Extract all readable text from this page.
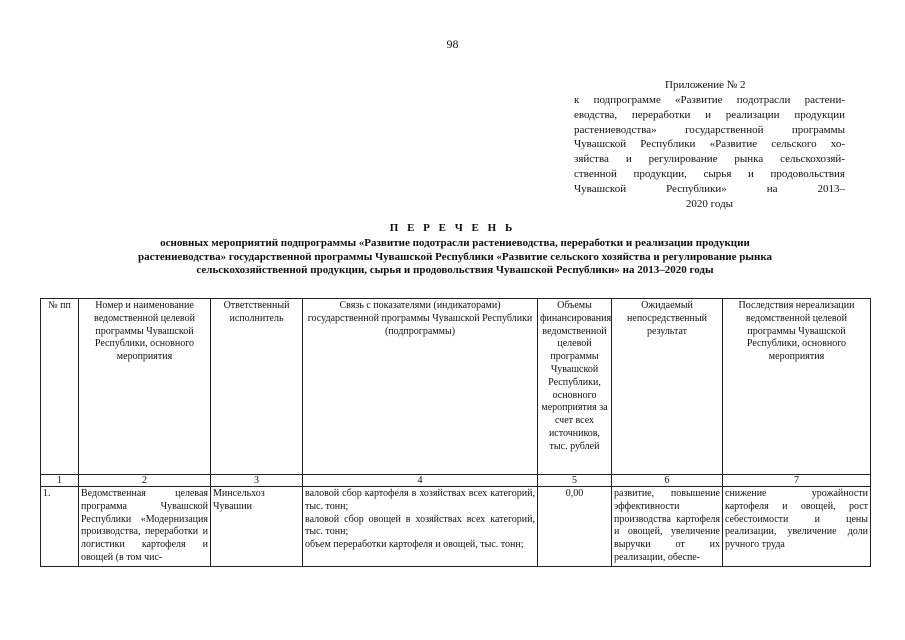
98
Приложение № 2
к подпрограмме «Развитие подотрасли растени-
еводства, переработки и реализации продукции
растениеводства» государственной программы
Чувашской Республики «Развитие сельского хо-
зяйства и регулирование рынка сельскохозяй-
ственной продукции, сырья и продовольствия
Чувашской Республики» на 2013–
2020 годы
П Е Р Е Ч Е Н Ь
основных мероприятий подпрограммы «Развитие подотрасли растениеводства, переработки и реализации продукции
растениеводства» государственной программы Чувашской Республики «Развитие сельского хозяйства и регулирование рынка
сельскохозяйственной продукции, сырья и продовольствия Чувашской Республики» на 2013–2020 годы
№ пп	Номер и наименование ведомственной целевой программы Чувашской Республики, основного мероприятия	Ответственный исполнитель	Связь с показателями (индикаторами) государственной программы Чувашской Республики (подпрограммы)	Объемы финансирования ведомственной целевой программы Чувашской Республики, основного мероприятия за счет всех источников, тыс. рублей	Ожидаемый непосредственный результат	Последствия нереализации ведомственной целевой программы Чувашской Республики, основного мероприятия
1	2	3	4	5	6	7
1.	Ведомственная целевая программа Чувашской Республики «Модернизация производства, переработки и логистики картофеля и овощей (в том чис-	Минсельхоз Чувашии	валовой сбор картофеля в хозяйствах всех категорий, тыс. тонн;
валовой сбор овощей в хозяйствах всех категорий, тыс. тонн;
объем переработки картофеля и овощей, тыс. тонн;	0,00	развитие, повышение эффективности производства картофеля и овощей, увеличение выручки от их реализации, обеспе-	снижение урожайности картофеля и овощей, рост себестоимости и цены реализации, увеличение доли ручного труда
